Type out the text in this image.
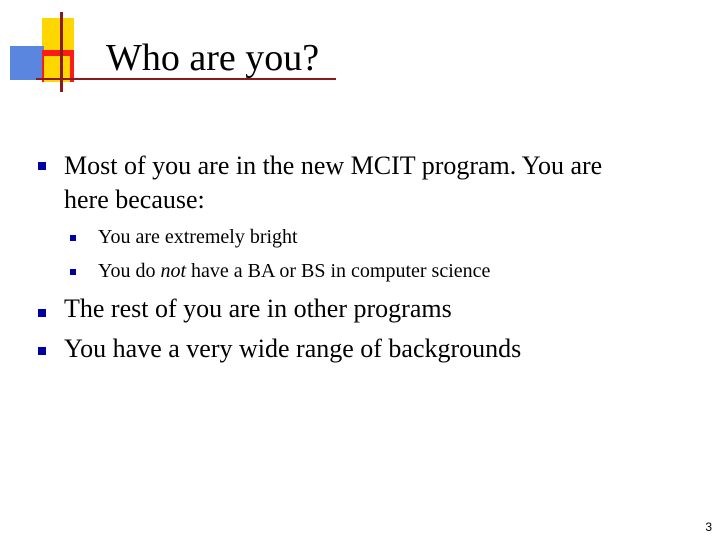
Who are you?
Most of you are in the new MCIT program. You are
here because:
You are extremely bright
You do not have a BA or BS in computer science
The rest of you are in other programs
You have a very wide range of backgrounds
3
